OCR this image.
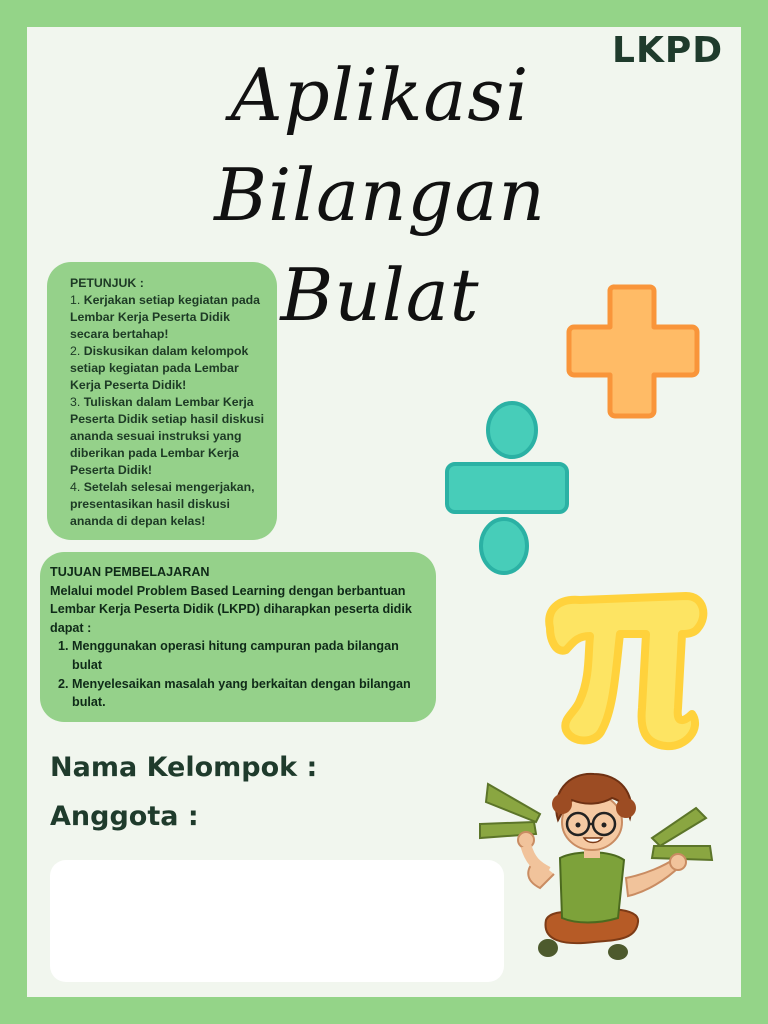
LKPD
Aplikasi
Bilangan Bulat
PETUNJUK :
1. Kerjakan setiap kegiatan pada Lembar Kerja Peserta Didik secara bertahap!
2. Diskusikan dalam kelompok setiap kegiatan pada Lembar Kerja Peserta Didik!
3. Tuliskan dalam Lembar Kerja Peserta Didik setiap hasil diskusi ananda sesuai instruksi yang diberikan pada Lembar Kerja Peserta Didik!
4. Setelah selesai mengerjakan, presentasikan hasil diskusi ananda di depan kelas!
TUJUAN PEMBELAJARAN
Melalui model Problem Based Learning dengan berbantuan Lembar Kerja Peserta Didik (LKPD) diharapkan peserta didik dapat :
1. Menggunakan operasi hitung campuran pada bilangan bulat
2. Menyelesaikan masalah yang berkaitan dengan bilangan bulat.
Nama Kelompok :
Anggota :
